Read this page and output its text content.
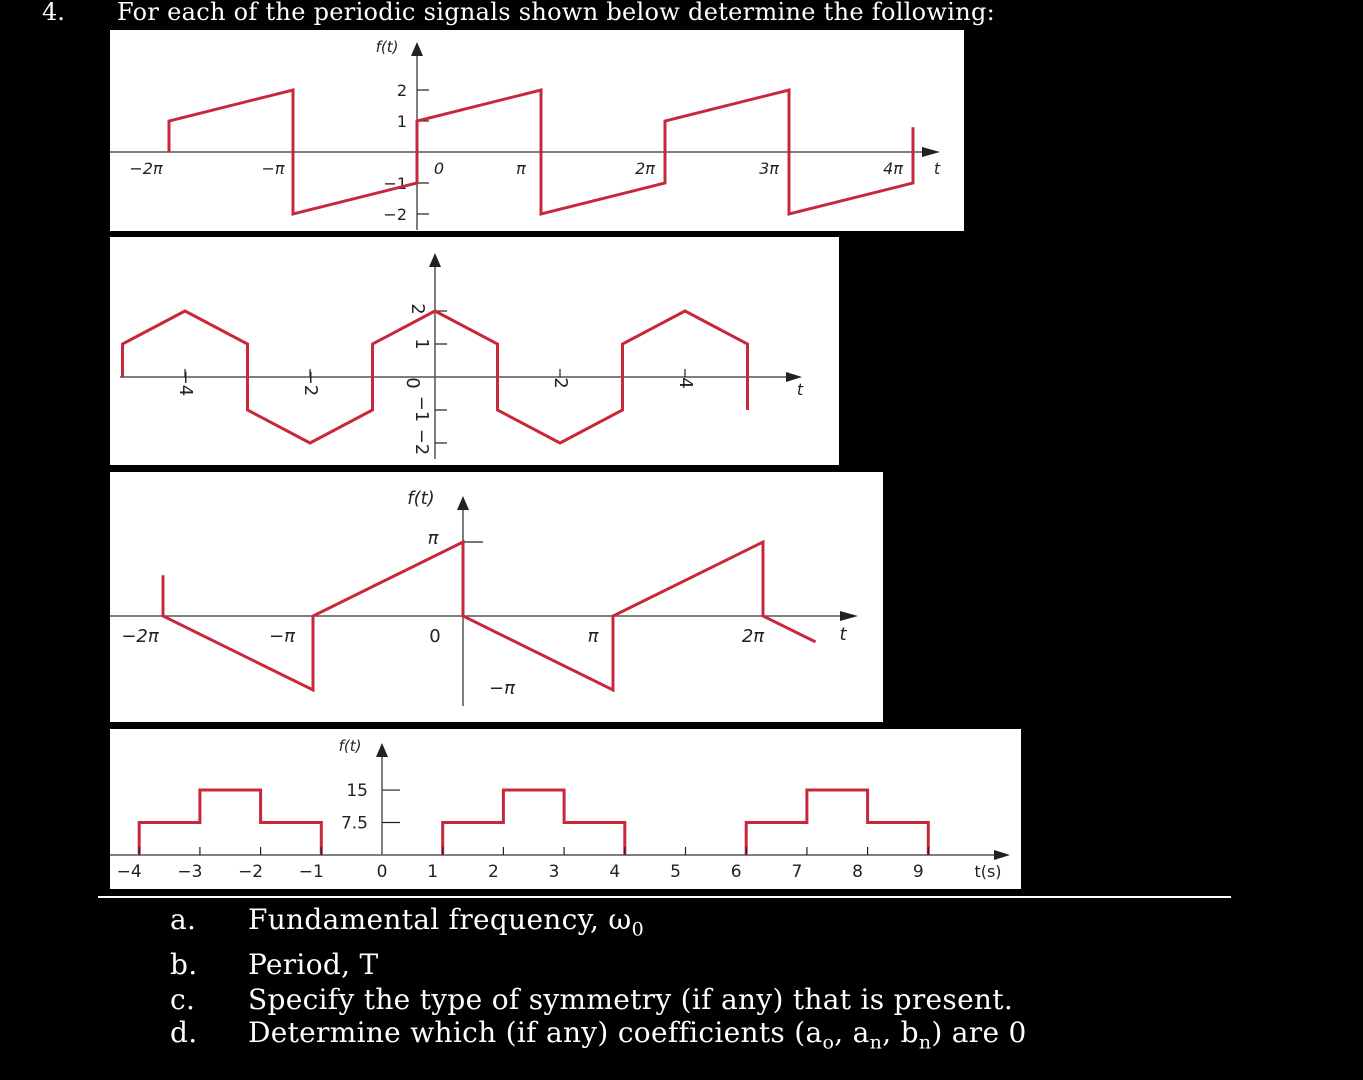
4. For each of the periodic signals shown below determine the following:
2
1
−1
−2
−2π	−π	0	π	2π	3π	4π t
f(t)
2
1
−1
−2
−4	−2	0	2	4	t
π
−π
−2π	−π	0	π	2π	t
f(t)
15
7.5
−4 −3 −2 −1	0 1	2	3	4	5	6	7	8	9	t(s)
f(t)
a. Fundamental frequency, $\omega_0$
b. Period, T
c. Specify the type of symmetry (if any) that is present.
d. Determine which (if any) coefficients ($a_o$, $a_n$, $b_n$) are 0
